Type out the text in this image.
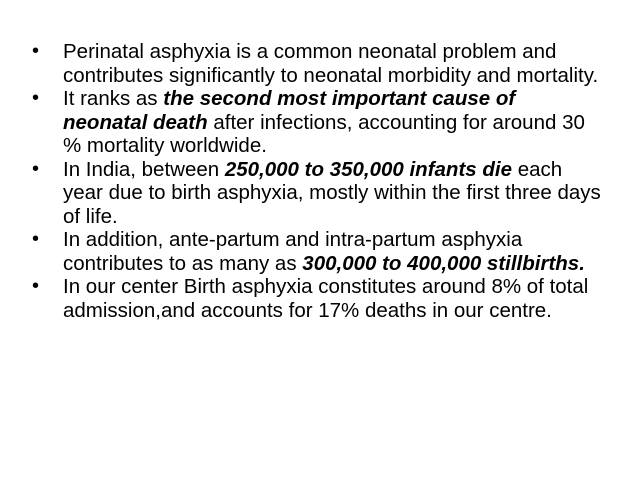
• Perinatal asphyxia is a common neonatal problem and contributes significantly to neonatal morbidity and mortality.
• It ranks as the second most important cause of neonatal death after infections, accounting for around 30 % mortality worldwide.
• In India, between 250,000 to 350,000 infants die each year due to birth asphyxia, mostly within the first three days of life.
• In addition, ante-partum and intra-partum asphyxia contributes to as many as 300,000 to 400,000 stillbirths.
• In our center Birth asphyxia constitutes around 8% of total admission,and accounts for 17% deaths in our centre.
